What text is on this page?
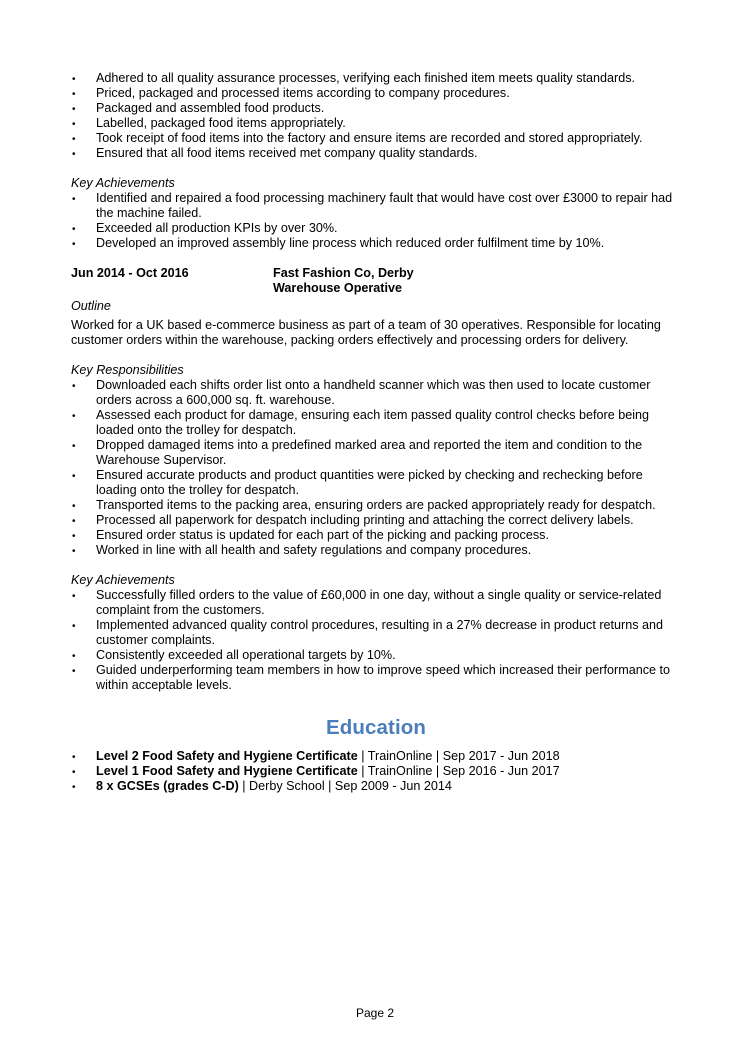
• Adhered to all quality assurance processes, verifying each finished item meets quality standards.
• Priced, packaged and processed items according to company procedures.
• Packaged and assembled food products.
• Labelled, packaged food items appropriately.
• Took receipt of food items into the factory and ensure items are recorded and stored appropriately.
• Ensured that all food items received met company quality standards.

Key Achievements

• Identified and repaired a food processing machinery fault that would have cost over £3000 to repair had the machine failed.
• Exceeded all production KPIs by over 30%.
• Developed an improved assembly line process which reduced order fulfilment time by 10%.
Jun 2014 - Oct 2016	Fast Fashion Co, Derby
Warehouse Operative

Outline

Worked for a UK based e-commerce business as part of a team of 30 operatives. Responsible for locating customer orders within the warehouse, packing orders effectively and processing orders for delivery.

Key Responsibilities

• Downloaded each shifts order list onto a handheld scanner which was then used to locate customer orders across a 600,000 sq. ft. warehouse.
• Assessed each product for damage, ensuring each item passed quality control checks before being loaded onto the trolley for despatch.
• Dropped damaged items into a predefined marked area and reported the item and condition to the Warehouse Supervisor.
• Ensured accurate products and product quantities were picked by checking and rechecking before loading onto the trolley for despatch.
• Transported items to the packing area, ensuring orders are packed appropriately ready for despatch.
• Processed all paperwork for despatch including printing and attaching the correct delivery labels.
• Ensured order status is updated for each part of the picking and packing process.
• Worked in line with all health and safety regulations and company procedures.

Key Achievements

• Successfully filled orders to the value of £60,000 in one day, without a single quality or service-related complaint from the customers.
• Implemented advanced quality control procedures, resulting in a 27% decrease in product returns and customer complaints.
• Consistently exceeded all operational targets by 10%.
• Guided underperforming team members in how to improve speed which increased their performance to within acceptable levels.
Education
• Level 2 Food Safety and Hygiene Certificate | TrainOnline | Sep 2017 - Jun 2018
• Level 1 Food Safety and Hygiene Certificate | TrainOnline | Sep 2016 - Jun 2017
• 8 x GCSEs (grades C-D) | Derby School | Sep 2009 - Jun 2014
Page 2
